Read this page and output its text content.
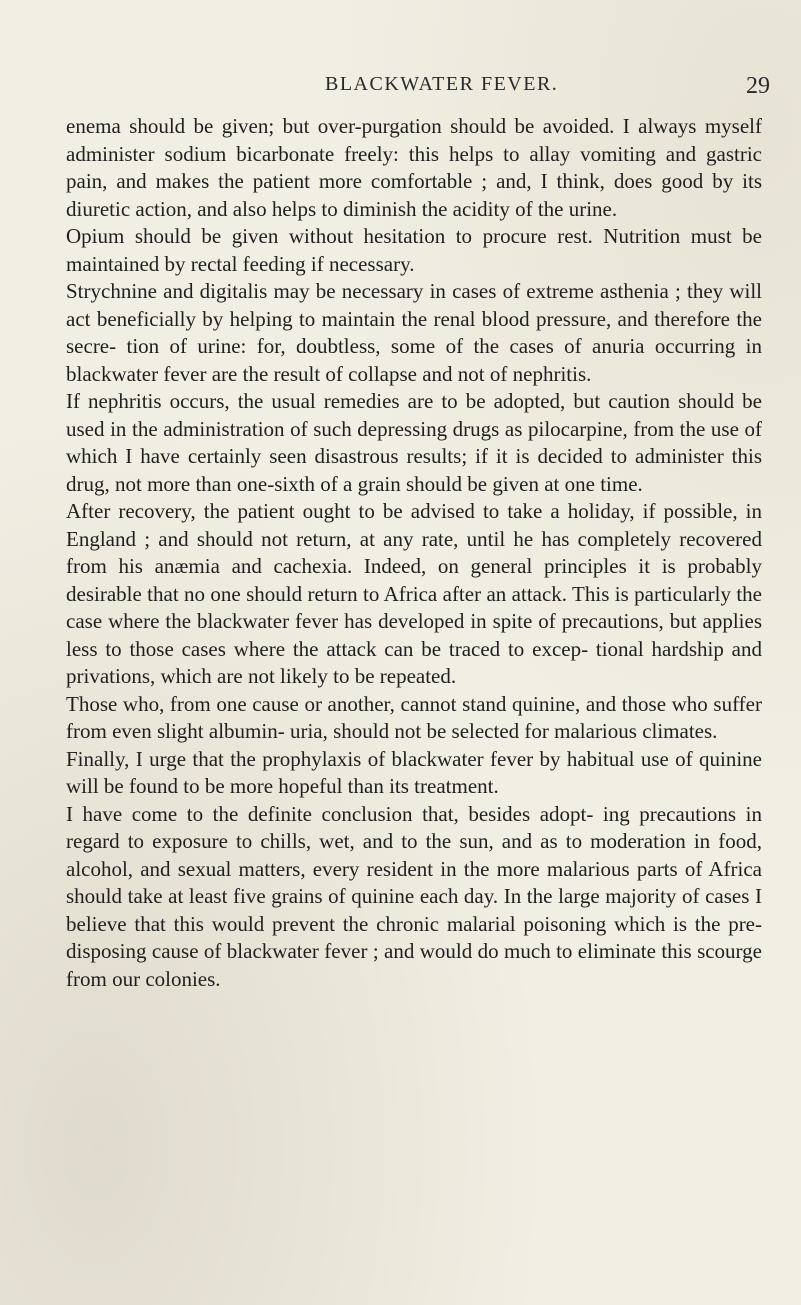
BLACKWATER FEVER.	29

enema should be given; but over-purgation should be avoided. I always myself administer sodium bicarbonate freely: this helps to allay vomiting and gastric pain, and makes the patient more comfortable ; and, I think, does good by its diuretic action, and also helps to diminish the acidity of the urine.

Opium should be given without hesitation to procure rest. Nutrition must be maintained by rectal feeding if necessary.

Strychnine and digitalis may be necessary in cases of extreme asthenia ; they will act beneficially by helping to maintain the renal blood pressure, and therefore the secre- tion of urine: for, doubtless, some of the cases of anuria occurring in blackwater fever are the result of collapse and not of nephritis.

If nephritis occurs, the usual remedies are to be adopted, but caution should be used in the administration of such depressing drugs as pilocarpine, from the use of which I have certainly seen disastrous results; if it is decided to administer this drug, not more than one-sixth of a grain should be given at one time.

After recovery, the patient ought to be advised to take a holiday, if possible, in England ; and should not return, at any rate, until he has completely recovered from his anæmia and cachexia. Indeed, on general principles it is probably desirable that no one should return to Africa after an attack. This is particularly the case where the blackwater fever has developed in spite of precautions, but applies less to those cases where the attack can be traced to excep- tional hardship and privations, which are not likely to be repeated.

Those who, from one cause or another, cannot stand quinine, and those who suffer from even slight albumin- uria, should not be selected for malarious climates.

Finally, I urge that the prophylaxis of blackwater fever by habitual use of quinine will be found to be more hopeful than its treatment.

I have come to the definite conclusion that, besides adopt- ing precautions in regard to exposure to chills, wet, and to the sun, and as to moderation in food, alcohol, and sexual matters, every resident in the more malarious parts of Africa should take at least five grains of quinine each day. In the large majority of cases I believe that this would prevent the chronic malarial poisoning which is the pre- disposing cause of blackwater fever ; and would do much to eliminate this scourge from our colonies.
